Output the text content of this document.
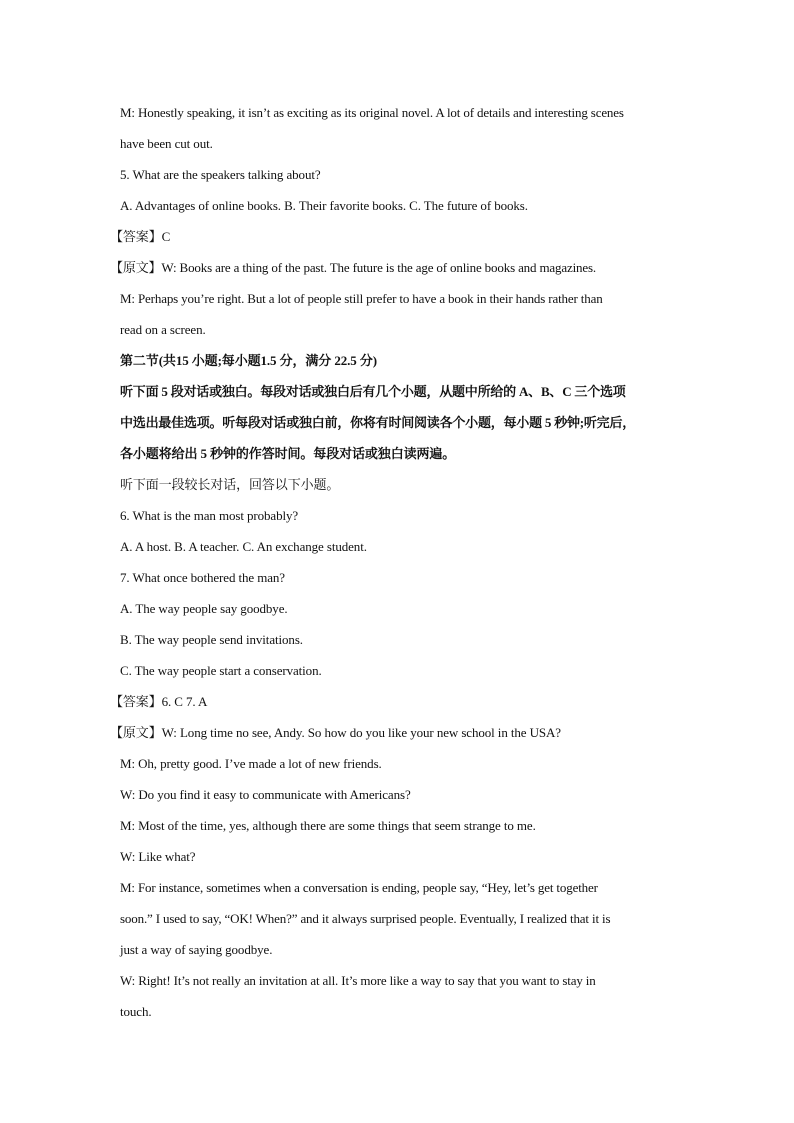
M: Honestly speaking, it isn’t as exciting as its original novel. A lot of details and interesting scenes
have been cut out.
5. What are the speakers talking about?
A. Advantages of online books. B. Their favorite books. C. The future of books.
【答案】C
【原文】W: Books are a thing of the past. The future is the age of online books and magazines.
M: Perhaps you’re right. But a lot of people still prefer to have a book in their hands rather than
read on a screen.
第二节(共15 小题;每小题1.5 分，满分 22.5 分)
听下面 5 段对话或独白。每段对话或独白后有几个小题，从题中所给的 A、B、C 三个选项
中选出最佳选项。听每段对话或独白前，你将有时间阅读各个小题，每小题 5 秒钟;听完后，
各小题将给出 5 秒钟的作答时间。每段对话或独白读两遍。
听下面一段较长对话，回答以下小题。
6. What is the man most probably?
A. A host. B. A teacher. C. An exchange student.
7. What once bothered the man?
A. The way people say goodbye.
B. The way people send invitations.
C. The way people start a conservation.
【答案】6. C 7. A
【原文】W: Long time no see, Andy. So how do you like your new school in the USA?
M: Oh, pretty good. I’ve made a lot of new friends.
W: Do you find it easy to communicate with Americans?
M: Most of the time, yes, although there are some things that seem strange to me.
W: Like what?
M: For instance, sometimes when a conversation is ending, people say, “Hey, let’s get together
soon.” I used to say, “OK! When?” and it always surprised people. Eventually, I realized that it is
just a way of saying goodbye.
W: Right! It’s not really an invitation at all. It’s more like a way to say that you want to stay in
touch.
